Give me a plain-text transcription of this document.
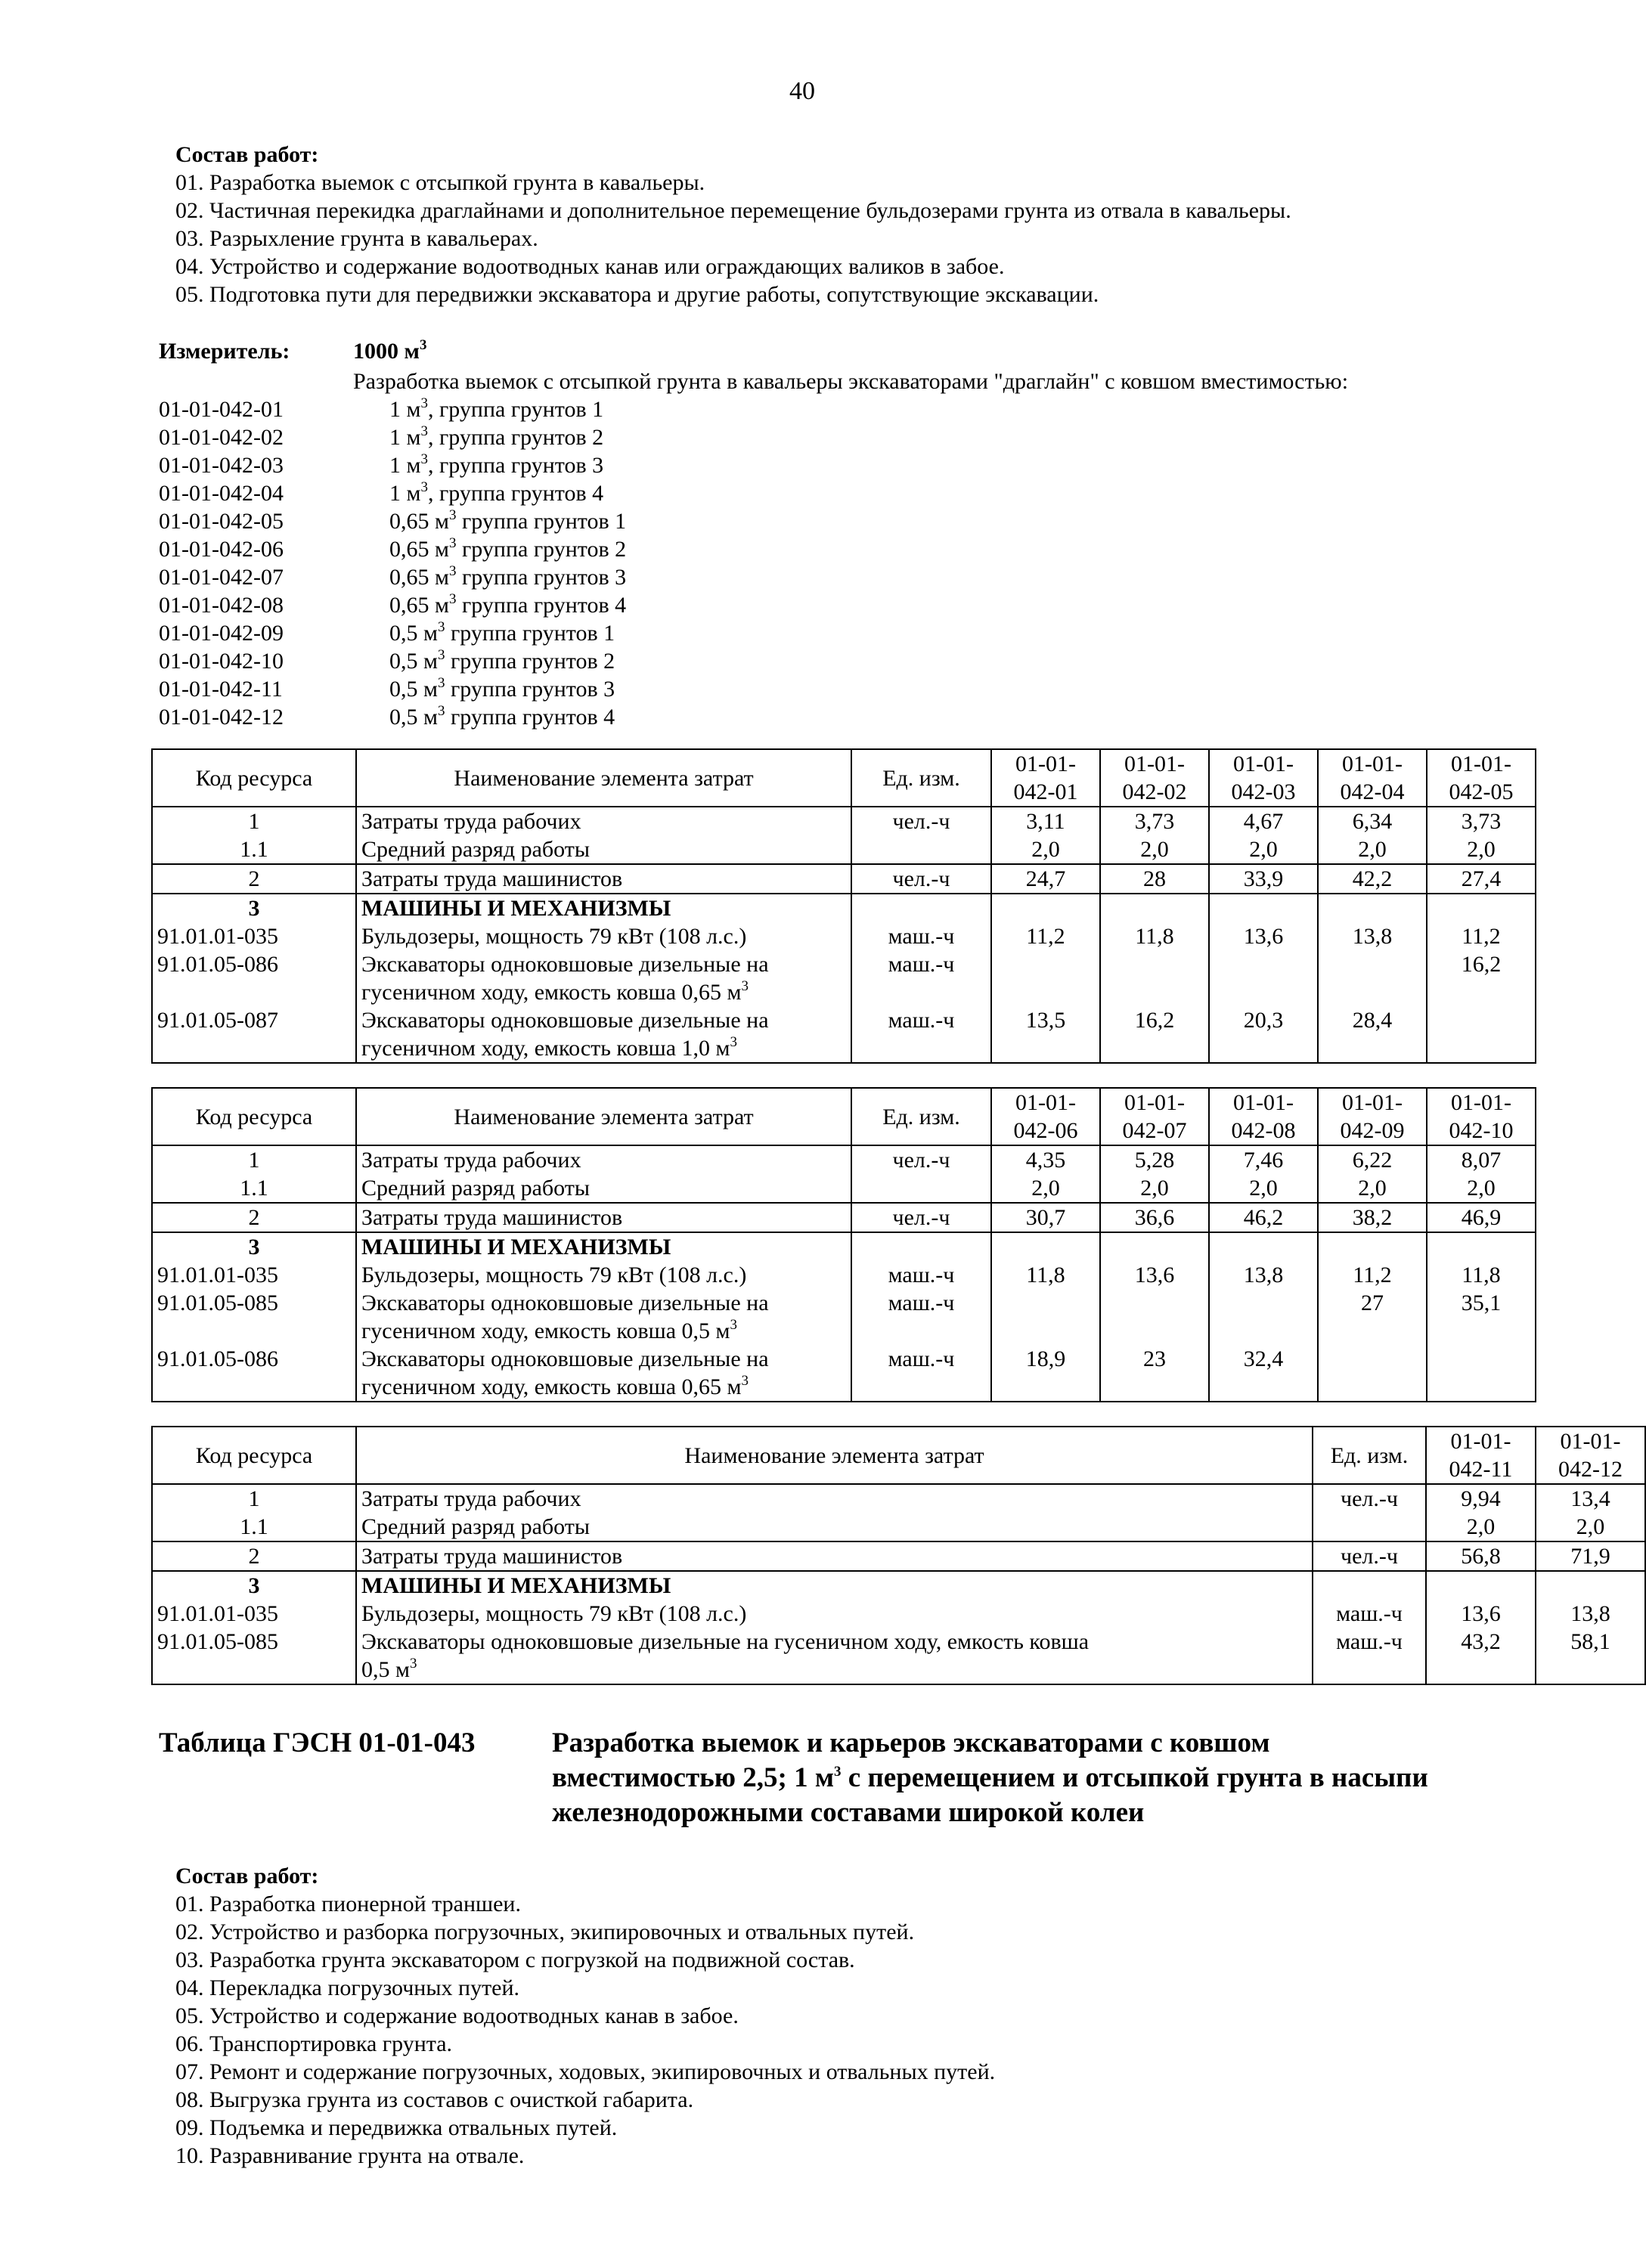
40
Состав работ:
01. Разработка выемок с отсыпкой грунта в кавальеры.
02. Частичная перекидка драглайнами и дополнительное перемещение бульдозерами грунта из отвала в кавальеры.
03. Разрыхление грунта в кавальерах.
04. Устройство и содержание водоотводных канав или ограждающих валиков в забое.
05. Подготовка пути для передвижки экскаватора и другие работы, сопутствующие экскавации.
Измеритель:	1000 $м^3$
Разработка выемок с отсыпкой грунта в кавальеры экскаваторами "драглайн" с ковшом вместимостью:
01-01-042-01	1 $м^3$, группа грунтов 1
01-01-042-02	1 $м^3$, группа грунтов 2
01-01-042-03	1 $м^3$, группа грунтов 3
01-01-042-04	1 $м^3$, группа грунтов 4
01-01-042-05	0,65 $м^3$ группа грунтов 1
01-01-042-06	0,65 $м^3$ группа грунтов 2
01-01-042-07	0,65 $м^3$ группа грунтов 3
01-01-042-08	0,65 $м^3$ группа грунтов 4
01-01-042-09	0,5 $м^3$ группа грунтов 1
01-01-042-10	0,5 $м^3$ группа грунтов 2
01-01-042-11	0,5 $м^3$ группа грунтов 3
01-01-042-12	0,5 $м^3$ группа грунтов 4
Код ресурса	Наименование элемента затрат	Ед. изм.	01-01-
042-01	01-01-
042-02	01-01-
042-03	01-01-
042-04	01-01-
042-05
1	Затраты труда рабочих	чел.-ч	3,11	3,73	4,67	6,34	3,73
1.1	Средний разряд работы		2,0	2,0	2,0	2,0	2,0
2	Затраты труда машинистов	чел.-ч	24,7	28	33,9	42,2	27,4
3	МАШИНЫ И МЕХАНИЗМЫ						
91.01.01-035	Бульдозеры, мощность 79 кВт (108 л.с.)	маш.-ч	11,2	11,8	13,6	13,8	11,2
91.01.05-086	Экскаваторы одноковшовые дизельные на
гусеничном ходу, емкость ковша 0,65 $м^3$	маш.-ч					16,2
91.01.05-087	Экскаваторы одноковшовые дизельные на
гусеничном ходу, емкость ковша 1,0 $м^3$	маш.-ч	13,5	16,2	20,3	28,4	
Код ресурса	Наименование элемента затрат	Ед. изм.	01-01-
042-06	01-01-
042-07	01-01-
042-08	01-01-
042-09	01-01-
042-10
1	Затраты труда рабочих	чел.-ч	4,35	5,28	7,46	6,22	8,07
1.1	Средний разряд работы		2,0	2,0	2,0	2,0	2,0
2	Затраты труда машинистов	чел.-ч	30,7	36,6	46,2	38,2	46,9
3	МАШИНЫ И МЕХАНИЗМЫ						
91.01.01-035	Бульдозеры, мощность 79 кВт (108 л.с.)	маш.-ч	11,8	13,6	13,8	11,2	11,8
91.01.05-085	Экскаваторы одноковшовые дизельные на
гусеничном ходу, емкость ковша 0,5 $м^3$	маш.-ч				27	35,1
91.01.05-086	Экскаваторы одноковшовые дизельные на
гусеничном ходу, емкость ковша 0,65 $м^3$	маш.-ч	18,9	23	32,4		
Код ресурса	Наименование элемента затрат	Ед. изм.	01-01-
042-11	01-01-
042-12
1	Затраты труда рабочих	чел.-ч	9,94	13,4
1.1	Средний разряд работы		2,0	2,0
2	Затраты труда машинистов	чел.-ч	56,8	71,9
3	МАШИНЫ И МЕХАНИЗМЫ			
91.01.01-035	Бульдозеры, мощность 79 кВт (108 л.с.)	маш.-ч	13,6	13,8
91.01.05-085	Экскаваторы одноковшовые дизельные на гусеничном ходу, емкость ковша
0,5 $м^3$	маш.-ч	43,2	58,1
Таблица ГЭСН 01-01-043	Разработка выемок и карьеров экскаваторами с ковшом
вместимостью 2,5; 1 $м^3$ с перемещением и отсыпкой грунта в насыпи
железнодорожными составами широкой колеи
Состав работ:
01. Разработка пионерной траншеи.
02. Устройство и разборка погрузочных, экипировочных и отвальных путей.
03. Разработка грунта экскаватором с погрузкой на подвижной состав.
04. Перекладка погрузочных путей.
05. Устройство и содержание водоотводных канав в забое.
06. Транспортировка грунта.
07. Ремонт и содержание погрузочных, ходовых, экипировочных и отвальных путей.
08. Выгрузка грунта из составов с очисткой габарита.
09. Подъемка и передвижка отвальных путей.
10. Разравнивание грунта на отвале.
